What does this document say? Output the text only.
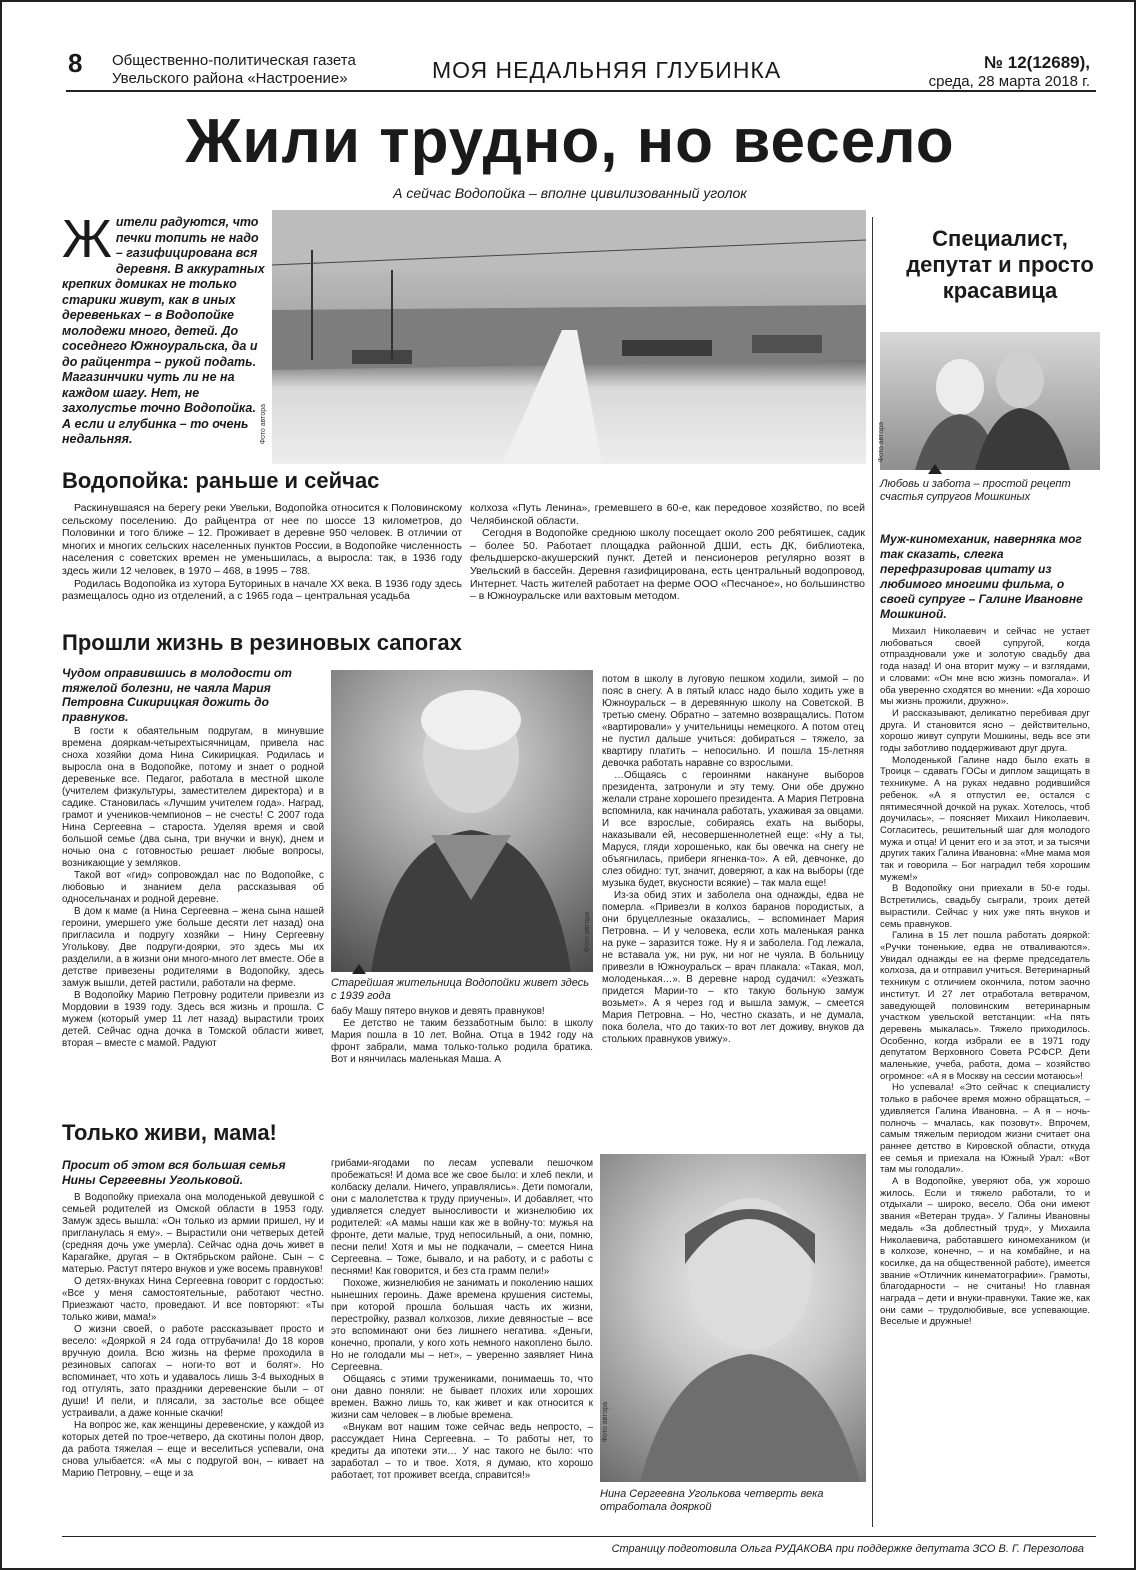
8 Общественно-политическая газета
Увельского района «Настроение»	МОЯ НЕДАЛЬНЯЯ ГЛУБИНКА	№ 12(12689),
среда, 28 марта 2018 г.
Жили трудно, но весело
А сейчас Водопойка – вполне цивилизованный уголок
Ж ители радуются, что печки топить не надо – газифицирована вся деревня. В аккуратных крепких домиках не только старики живут, как в иных деревеньках – в Водопойке молодежи много, детей. До соседнего Южноуральска, да и до райцентра – рукой подать. Магазинчики чуть ли не на каждом шагу. Нет, не захолустье точно Водопойка. А если и глубинка – то очень недальняя.	Фото автора
Водопойка: раньше и сейчас

Раскинувшаяся на берегу реки Увельки, Водопойка относится к Половинскому сельскому поселению. До райцентра от нее по шоссе 13 километров, до Половинки и того ближе – 12. Проживает в деревне 950 человек. В отличии от многих и многих сельских населенных пунктов России, в Водопойке численность населения с советских времен не уменьшилась, а выросла: так, в 1936 году здесь жили 12 человек, в 1970 – 468, в 1995 – 788.

Родилась Водопойка из хутора Буториных в начале XX века. В 1936 году здесь размещалось одно из отделений, а с 1965 года – центральная усадьба

колхоза «Путь Ленина», гремевшего в 60-е, как передовое хозяйство, по всей Челябинской области.

Сегодня в Водопойке среднюю школу посещает около 200 ребятишек, садик – более 50. Работает площадка районной ДШИ, есть ДК, библиотека, фельдшерско-акушерский пункт. Детей и пенсионеров регулярно возят в Увельский в бассейн. Деревня газифицирована, есть центральный водопровод, Интернет. Часть жителей работает на ферме ООО «Песчаное», но большинство – в Южноуральске или вахтовым методом.

Прошли жизнь в резиновых сапогах
Чудом оправившись в молодости от тяжелой болезни, не чаяла Мария Петровна Сикирицкая дожить до правнуков.

В гости к обаятельным подругам, в минувшие времена дояркам-четырехтысячницам, привела нас сноха хозяйки дома Нина Сикирицкая. Родилась и выросла она в Водопойке, потому и знает о родной деревеньке все. Педагог, работала в местной школе (учителем физкультуры, заместителем директора) и в садике. Становилась «Лучшим учителем года». Наград, грамот и учеников-чемпионов – не счесть! С 2007 года Нина Сергеевна – староста. Уделяя время и свой большой семье (два сына, три внучки и внук), днем и ночью она с готовностью решает любые вопросы, возникающие у земляков.

Такой вот «гид» сопровождал нас по Водопойке, с любовью и знанием дела рассказывая об односельчанах и родной деревне.

В дом к маме (а Нина Сергеевна – жена сына нашей героини, умершего уже больше десяти лет назад) она пригласила и подругу хозяйки – Нину Сергеевну Угольkову. Две подруги-доярки, это здесь мы их разделили, а в жизни они много-много лет вместе. Обе в детстве привезены родителями в Водопойку, здесь замуж вышли, детей растили, работали на ферме.

В Водопойку Марию Петровну родители привезли из Мордовии в 1939 году. Здесь вся жизнь и прошла. С мужем (который умер 11 лет назад) вырастили троих детей. Сейчас одна дочка в Томской области живет, вторая – вместе с мамой. Радуют

Фото автора
Старейшая жительница Водопойки живет здесь с 1939 года

бабу Машу пятеро внуков и девять правнуков!

Ее детство не таким беззаботным было: в школу Мария пошла в 10 лет. Война. Отца в 1942 году на фронт забрали, мама только-только родила братика. Вот и нянчилась маленькая Маша. А

потом в школу в луговую пешком ходили, зимой – по пояс в снегу. А в пятый класс надо было ходить уже в Южноуральск – в деревянную школу на Советской. В третью смену. Обратно – затемно возвращались. Потом «вартировали» у учительницы немецкого. А потом отец не пустил дальше учиться: добираться – тяжело, за квартиру платить – непосильно. И пошла 15-летняя девочка работать наравне со взрослыми.

…Общаясь с героинями накануне выборов президента, затронули и эту тему. Они обе дружно желали стране хорошего президента. А Мария Петровна вспомнила, как начинала работать, ухаживая за овцами. И все взрослые, собираясь ехать на выборы, наказывали ей, несовершеннолетней еще: «Ну а ты, Маруся, гляди хорошенько, как бы овечка на снегу не объягнилась, прибери ягненка-то». А ей, девчонке, до слез обидно: тут, значит, доверяют, а как на выборы (где музыка будет, вкусности всякие) – так мала еще!

Из-за обид этих и заболела она однажды, едва не померла. «Привезли в колхоз баранов породистых, а они бруцеллезные оказались, – вспоминает Мария Петровна. – И у человека, если хоть маленькая ранка на руке – заразится тоже. Ну я и заболела. Год лежала, не вставала уж, ни рук, ни ног не чуяла. В больницу привезли в Южноуральск – врач плакала: «Такая, мол, молоденькая…». В деревне народ судачил: «Уезжать придется Марии-то – кто такую больную замуж возьмет». А я через год и вышла замуж, – смеется Мария Петровна. – Но, честно сказать, и не думала, пока болела, что до таких-то вот лет доживу, внуков да стольких правнуков увижу».

Только живи, мама!
Просит об этом вся большая семья Нины Сергеевны Угольковой.

В Водопойку приехала она молоденькой девушкой с семьей родителей из Омской области в 1953 году. Замуж здесь вышла: «Он только из армии пришел, ну и пригланулась я ему». – Вырастили они четверых детей (средняя дочь уже умерла). Сейчас одна дочь живет в Карагайке, другая – в Октябрьском районе. Сын – с матерью. Растут пятеро внуков и уже восемь правнуков!

О детях-внуках Нина Сергеевна говорит с гордостью: «Все у меня самостоятельные, работают честно. Приезжают часто, проведают. И все повторяют: «Ты только живи, мама!»

О жизни своей, о работе рассказывает просто и весело: «Дояркой я 24 года оттрубачила! До 18 коров вручную доила. Всю жизнь на ферме проходила в резиновых сапогах – ноги-то вот и болят». Но вспоминает, что хоть и удавалось лишь 3-4 выходных в год отгулять, зато праздники деревенские были – от души! И пели, и плясали, за застолье все общее устраивали, а даже конные скачки!

На вопрос же, как женщины деревенские, у каждой из которых детей по трое-четверо, да скотины полон двор, да работа тяжелая – еще и веселиться успевали, она снова улыбается: «А мы с подругой вон, – кивает на Марию Петровну, – еще и за

грибами-ягодами по лесам успевали пешочком пробежаться! И дома все же свое было: и хлеб пекли, и колбаску делали. Ничего, управлялись». Дети помогали, они с малолетства к труду приучены». И добавляет, что удивляется следует выносливости и жизнелюбию их родителей: «А мамы наши как же в войну-то: мужья на фронте, дети малые, труд непосильный, а они, помню, песни пели! Хотя и мы не подкачали, – смеется Нина Сергеевна. – Тоже, бывало, и на работу, и с работы с песнями! Как говорится, и без ста грамм пели!»

Похоже, жизнелюбия не занимать и поколению наших нынешних героинь. Даже времена крушения системы, при которой прошла большая часть их жизни, перестройку, развал колхозов, лихие девяностые – все это вспоминают они без лишнего негатива. «Деньги, конечно, пропали, у кого хоть немного накоплено было. Но не голодали мы – нет», – уверенно заявляет Нина Сергеевна.

Общаясь с этими тружениками, понимаешь то, что они давно поняли: не бывает плохих или хороших времен. Важно лишь то, как живет и как относится к жизни сам человек – в любые времена.

«Внукам вот нашим тоже сейчас ведь непросто, – рассуждает Нина Сергеевна. – То работы нет, то кредиты да ипотеки эти… У нас такого не было: что заработал – то и твое. Хотя, я думаю, кто хорошо работает, тот проживет всегда, справится!»

Фото автора
Нина Сергеевна Уголькова четверть века отработала дояркой
Специалист, депутат и просто красавица
Фото автора
Любовь и забота – простой рецепт счастья супругов Мошкиных
Муж-киномеханик, наверняка мог так сказать, слегка перефразировав цитату из любимого многими фильма, о своей супруге – Галине Ивановне Мошкиной.

Михаил Николаевич и сейчас не устает любоваться своей супругой, когда отпраздновали уже и золотую свадьбу два года назад! И она вторит мужу – и взглядами, и словами: «Он мне всю жизнь помогала». И оба уверенно сходятся во мнении: «Да хорошо мы жизнь прожили, дружно».

И рассказывают, деликатно перебивая друг друга. И становится ясно – действительно, хорошо живут супруги Мошкины, ведь все эти годы заботливо поддерживают друг друга.

Молоденькой Галине надо было ехать в Троицк – сдавать ГОСы и диплом защищать в техникуме. А на руках недавно родившийся ребенок. «А я отпустил ее, остался с пятимесячной дочкой на руках. Хотелось, чтоб доучилась», – поясняет Михаил Николаевич. Согласитесь, решительный шаг для молодого мужа и отца! И ценит его и за этот, и за тысячи других таких Галина Ивановна: «Мне мама моя так и говорила – Бог наградил тебя хорошим мужем!»

В Водопойку они приехали в 50-е годы. Встретились, свадьбу сыграли, троих детей вырастили. Сейчас у них уже пять внуков и семь правнуков.

Галина в 15 лет пошла работать дояркой: «Ручки тоненькие, едва не отваливаются». Увидал однажды ее на ферме председатель колхоза, да и отправил учиться. Ветеринарный техникум с отличием окончила, потом заочно институт. И 27 лет отработала ветврачом, заведующей половинским ветеринарным участком увельской ветстанции: «На пять деревень мыкалась». Тяжело приходилось. Особенно, когда избрали ее в 1971 году депутатом Верховного Совета РСФСР. Дети маленькие, учеба, работа, дома – хозяйство огромное: «А я в Москву на сессии мотаюсь»!

Но успевала! «Это сейчас к специалисту только в рабочее время можно обращаться, – удивляется Галина Ивановна. – А я – ночь-полночь – мчалась, как позовут». Впрочем, самым тяжелым периодом жизни считает она раннее детство в Кировской области, откуда ее семья и приехала на Южный Урал: «Вот там мы голодали».

А в Водопойке, уверяют оба, уж хорошо жилось. Если и тяжело работали, то и отдыхали – широко, весело. Оба они имеют звания «Ветеран труда». У Галины Ивановны медаль «За доблестный труд», у Михаила Николаевича, работавшего киномехаником (и в колхозе, конечно, – и на комбайне, и на косилке, да на общественной работе), имеется звание «Отличник кинематографии». Грамоты, благодарности – не считаны! Но главная награда – дети и внуки-правнуки. Такие же, как они сами – трудолюбивые, все успевающие. Веселые и дружные!

Страницу подготовила Ольга РУДАКОВА при поддержке депутата ЗСО В. Г. Перезолова
